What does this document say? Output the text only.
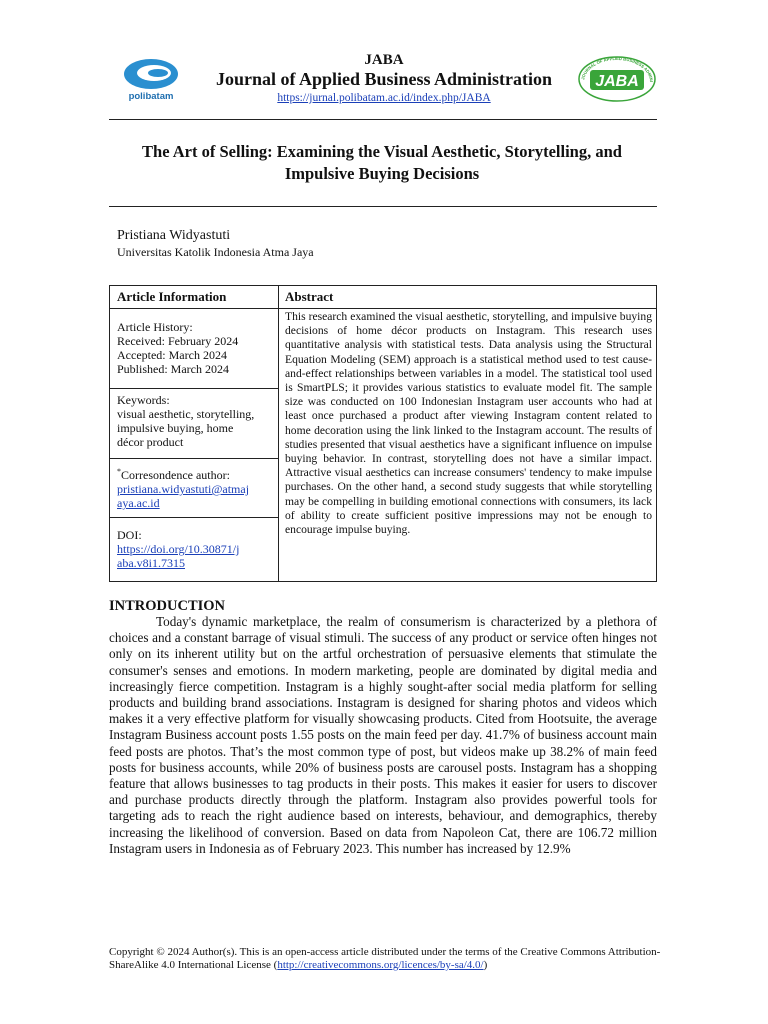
polibatam
JABA
Journal of Applied Business Administration
https://jurnal.polibatam.ac.id/index.php/JABA
JOURNAL OF APPLIED BUSINESS ADMINI
JABA
The Art of Selling: Examining the Visual Aesthetic, Storytelling, and Impulsive Buying Decisions
Pristiana Widyastuti
Universitas Katolik Indonesia Atma Jaya
Article Information	Abstract
Article History:
Received: February 2024
Accepted: March 2024
Published: March 2024
Keywords:
visual aesthetic, storytelling,
impulsive buying, home
décor product
*Corresondence author:
pristiana.widyastuti@atmaj
aya.ac.id
DOI:
https://doi.org/10.30871/j
aba.v8i1.7315
This research examined the visual aesthetic, storytelling, and impulsive buying decisions of home décor products on Instagram. This research uses quantitative analysis with statistical tests. Data analysis using the Structural Equation Modeling (SEM) approach is a statistical method used to test cause-and-effect relationships between variables in a model. The statistical tool used is SmartPLS; it provides various statistics to evaluate model fit. The sample size was conducted on 100 Indonesian Instagram user accounts who had at least once purchased a product after viewing Instagram content related to home decoration using the link linked to the Instagram account. The results of studies presented that visual aesthetics have a significant influence on impulse buying behavior. In contrast, storytelling does not have a similar impact. Attractive visual aesthetics can increase consumers' tendency to make impulse purchases. On the other hand, a second study suggests that while storytelling may be compelling in building emotional connections with consumers, its lack of ability to create sufficient positive impressions may not be enough to encourage impulse buying.
INTRODUCTION
Today's dynamic marketplace, the realm of consumerism is characterized by a plethora of choices and a constant barrage of visual stimuli. The success of any product or service often hinges not only on its inherent utility but on the artful orchestration of persuasive elements that stimulate the consumer's senses and emotions. In modern marketing, people are dominated by digital media and increasingly fierce competition. Instagram is a highly sought-after social media platform for selling products and building brand associations. Instagram is designed for sharing photos and videos which makes it a very effective platform for visually showcasing products. Cited from Hootsuite, the average Instagram Business account posts 1.55 posts on the main feed per day. 41.7% of business account main feed posts are photos. That’s the most common type of post, but videos make up 38.2% of main feed posts for business accounts, while 20% of business posts are carousel posts. Instagram has a shopping feature that allows businesses to tag products in their posts. This makes it easier for users to discover and purchase products directly through the platform. Instagram also provides powerful tools for targeting ads to reach the right audience based on interests, behaviour, and demographics, thereby increasing the likelihood of conversion. Based on data from Napoleon Cat, there are 106.72 million Instagram users in Indonesia as of February 2023. This number has increased by 12.9%
Copyright © 2024 Author(s). This is an open-access article distributed under the terms of the Creative Commons Attribution-ShareAlike 4.0 International License (http://creativecommons.org/licences/by-sa/4.0/)
